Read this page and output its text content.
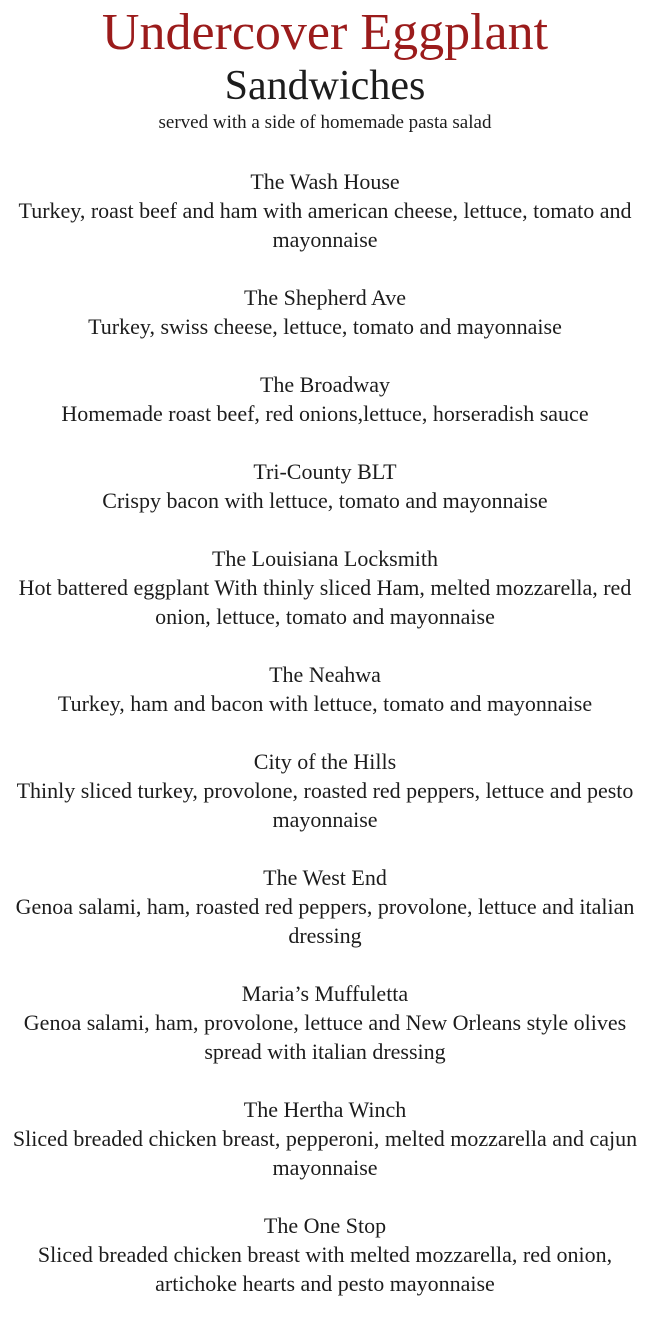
Undercover Eggplant
Sandwiches

served with a side of homemade pasta salad

The Wash House
Turkey, roast beef and ham with american cheese, lettuce, tomato and mayonnaise
The Shepherd Ave
Turkey, swiss cheese, lettuce, tomato and mayonnaise
The Broadway
Homemade roast beef, red onions,lettuce, horseradish sauce
Tri-County BLT
Crispy bacon with lettuce, tomato and mayonnaise
The Louisiana Locksmith
Hot battered eggplant With thinly sliced Ham, melted mozzarella, red onion, lettuce, tomato and mayonnaise
The Neahwa
Turkey, ham and bacon with lettuce, tomato and mayonnaise
City of the Hills
Thinly sliced turkey, provolone, roasted red peppers, lettuce and pesto mayonnaise
The West End
Genoa salami, ham, roasted red peppers, provolone, lettuce and italian dressing
Maria’s Muffuletta
Genoa salami, ham, provolone, lettuce and New Orleans style olives spread with italian dressing
The Hertha Winch
Sliced breaded chicken breast, pepperoni, melted mozzarella and cajun mayonnaise
The One Stop
Sliced breaded chicken breast with melted mozzarella, red onion, artichoke hearts and pesto mayonnaise
